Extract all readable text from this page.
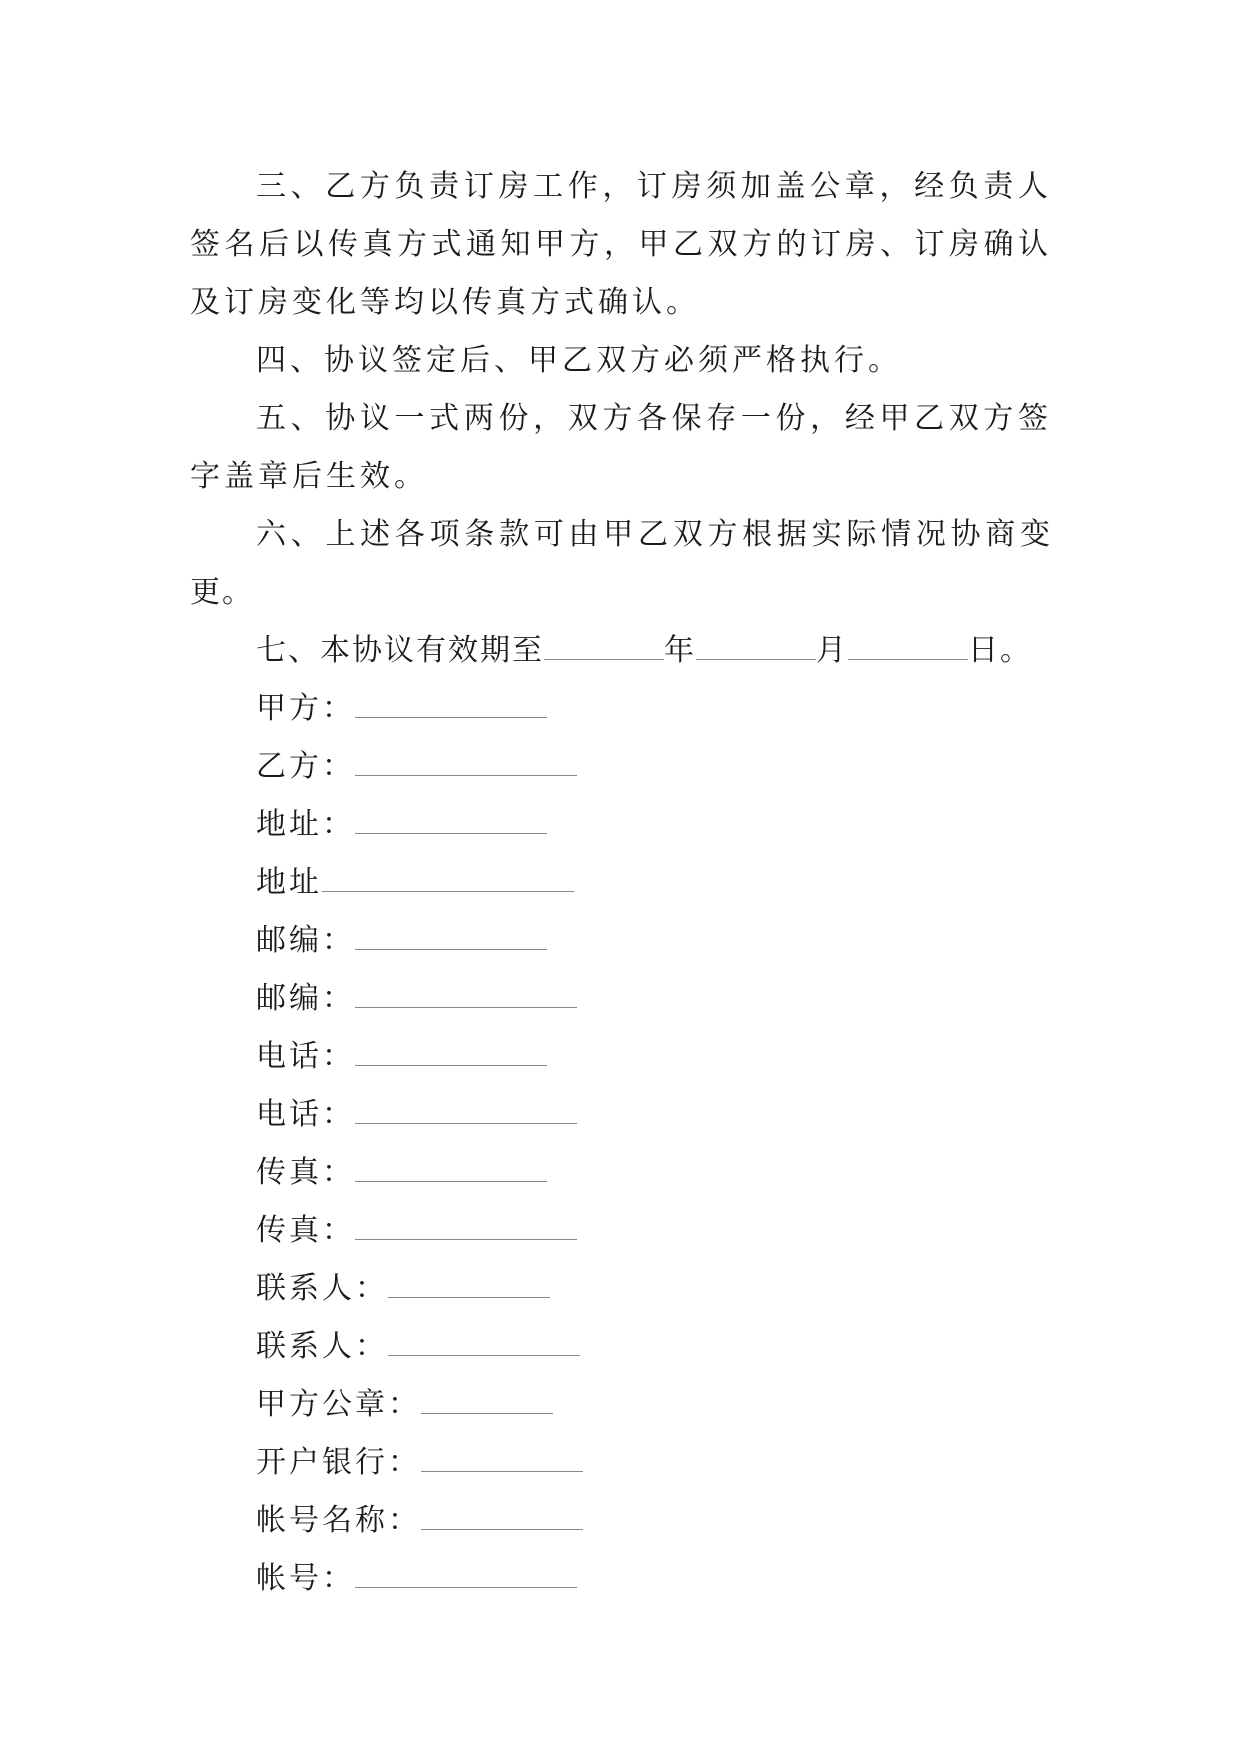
三、乙方负责订房工作，订房须加盖公章，经负责人签名后以传真方式通知甲方，甲乙双方的订房、订房确认及订房变化等均以传真方式确认。

四、协议签定后、甲乙双方必须严格执行。

五、协议一式两份，双方各保存一份，经甲乙双方签字盖章后生效。

六、上述各项条款可由甲乙双方根据实际情况协商变更。

七、本协议有效期至	年	月	日。

甲方：

乙方：

地址：

地址

邮编：

邮编：

电话：

电话：

传真：

传真：

联系人：

联系人：

甲方公章：

开户银行：

帐号名称：

帐号：
